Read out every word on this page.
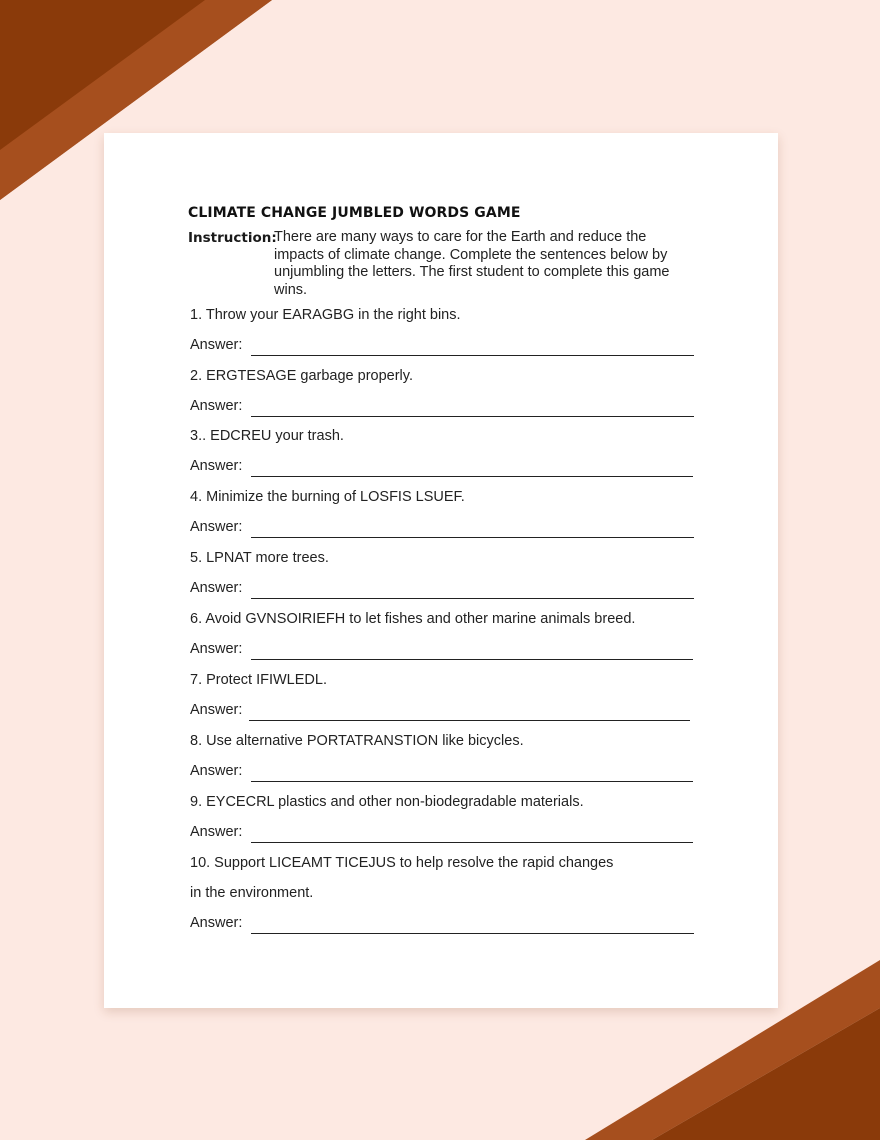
CLIMATE CHANGE JUMBLED WORDS GAME
Instruction:
There are many ways to care for the Earth and reduce the impacts of climate change. Complete the sentences below by unjumbling the letters. The first student to complete this game wins.
1. Throw your EARAGBG in the right bins.
Answer:
2. ERGTESAGE garbage properly.
Answer:
3.. EDCREU your trash.
Answer:
4. Minimize the burning of LOSFIS LSUEF.
Answer:
5. LPNAT more trees.
Answer:
6. Avoid GVNSOIRIEFH to let fishes and other marine animals breed.
Answer:
7. Protect IFIWLEDL.
Answer:
8. Use alternative PORTATRANSTION like bicycles.
Answer:
9. EYCECRL plastics and other non-biodegradable materials.
Answer:
10. Support LICEAMT TICEJUS to help resolve the rapid changes
in the environment.
Answer:
